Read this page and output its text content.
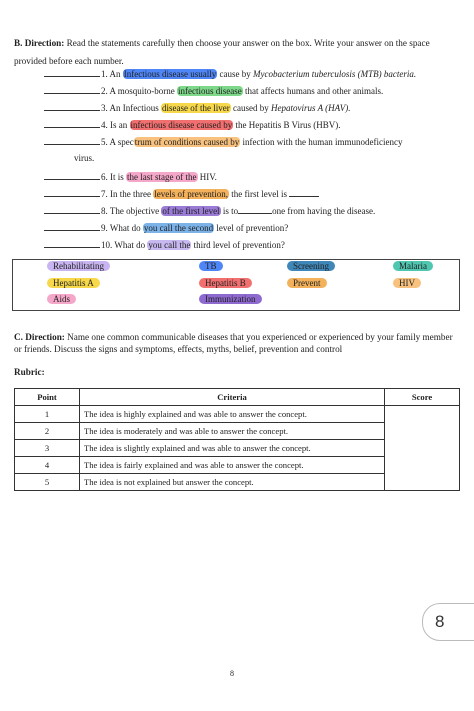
B. Direction: Read the statements carefully then choose your answer on the box. Write your answer on the space provided before each number.
1. An Infectious disease usually cause by Mycobacterium tuberculosis (MTB) bacteria.
2. A mosquito-borne infectious disease that affects humans and other animals.
3. An Infectious disease of the liver caused by Hepatovirus A (HAV).
4. Is an infectious disease caused by the Hepatitis B Virus (HBV).
5. A spectrum of conditions caused by infection with the human immunodeficiency
virus.
6. It is the last stage of the HIV.
7. In the three levels of prevention, the first level is
8. The objective of the first level is to	one from having the disease.
9. What do you call the second level of prevention?
10. What do you call the third level of prevention?
Rehabilitating	TB	Screening	Malaria
Hepatitis A	Hepatitis B	Prevent	HIV
Aids	Immunization
C. Direction: Name one common communicable diseases that you experienced or experienced by your family member or friends. Discuss the signs and symptoms, effects, myths, belief, prevention and control
Rubric:
Point	Criteria	Score
1	The idea is highly explained and was able to answer the concept.	
2	The idea is moderately and was able to answer the concept.	
3	The idea is slightly explained and was able to answer the concept.	
4	The idea is fairly explained and was able to answer the concept.	
5	The idea is not explained but answer the concept.	
8
8
